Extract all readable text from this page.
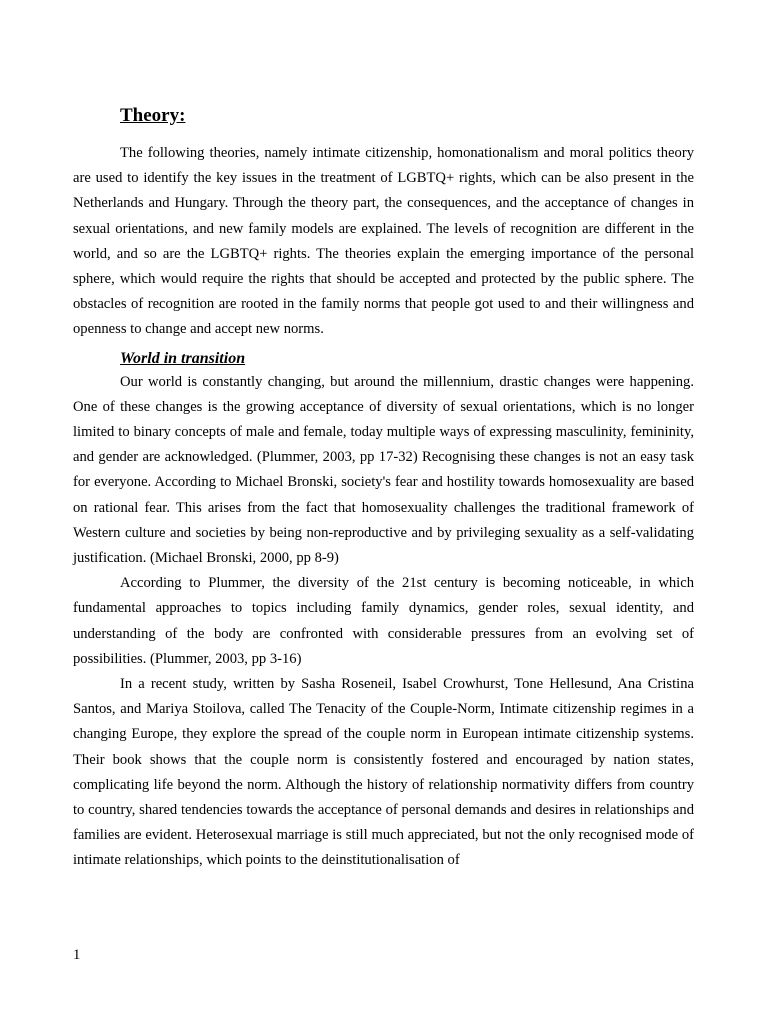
Theory:

The following theories, namely intimate citizenship, homonationalism and moral politics theory are used to identify the key issues in the treatment of LGBTQ+ rights, which can be also present in the Netherlands and Hungary. Through the theory part, the consequences, and the acceptance of changes in sexual orientations, and new family models are explained. The levels of recognition are different in the world, and so are the LGBTQ+ rights. The theories explain the emerging importance of the personal sphere, which would require the rights that should be accepted and protected by the public sphere. The obstacles of recognition are rooted in the family norms that people got used to and their willingness and openness to change and accept new norms.

World in transition

Our world is constantly changing, but around the millennium, drastic changes were happening. One of these changes is the growing acceptance of diversity of sexual orientations, which is no longer limited to binary concepts of male and female, today multiple ways of expressing masculinity, femininity, and gender are acknowledged. (Plummer, 2003, pp 17-32) Recognising these changes is not an easy task for everyone. According to Michael Bronski, society's fear and hostility towards homosexuality are based on rational fear. This arises from the fact that homosexuality challenges the traditional framework of Western culture and societies by being non-reproductive and by privileging sexuality as a self-validating justification. (Michael Bronski, 2000, pp 8-9)

According to Plummer, the diversity of the 21st century is becoming noticeable, in which fundamental approaches to topics including family dynamics, gender roles, sexual identity, and understanding of the body are confronted with considerable pressures from an evolving set of possibilities. (Plummer, 2003, pp 3-16)

In a recent study, written by Sasha Roseneil, Isabel Crowhurst, Tone Hellesund, Ana Cristina Santos, and Mariya Stoilova, called The Tenacity of the Couple-Norm, Intimate citizenship regimes in a changing Europe, they explore the spread of the couple norm in European intimate citizenship systems. Their book shows that the couple norm is consistently fostered and encouraged by nation states, complicating life beyond the norm. Although the history of relationship normativity differs from country to country, shared tendencies towards the acceptance of personal demands and desires in relationships and families are evident. Heterosexual marriage is still much appreciated, but not the only recognised mode of intimate relationships, which points to the deinstitutionalisation of

1
